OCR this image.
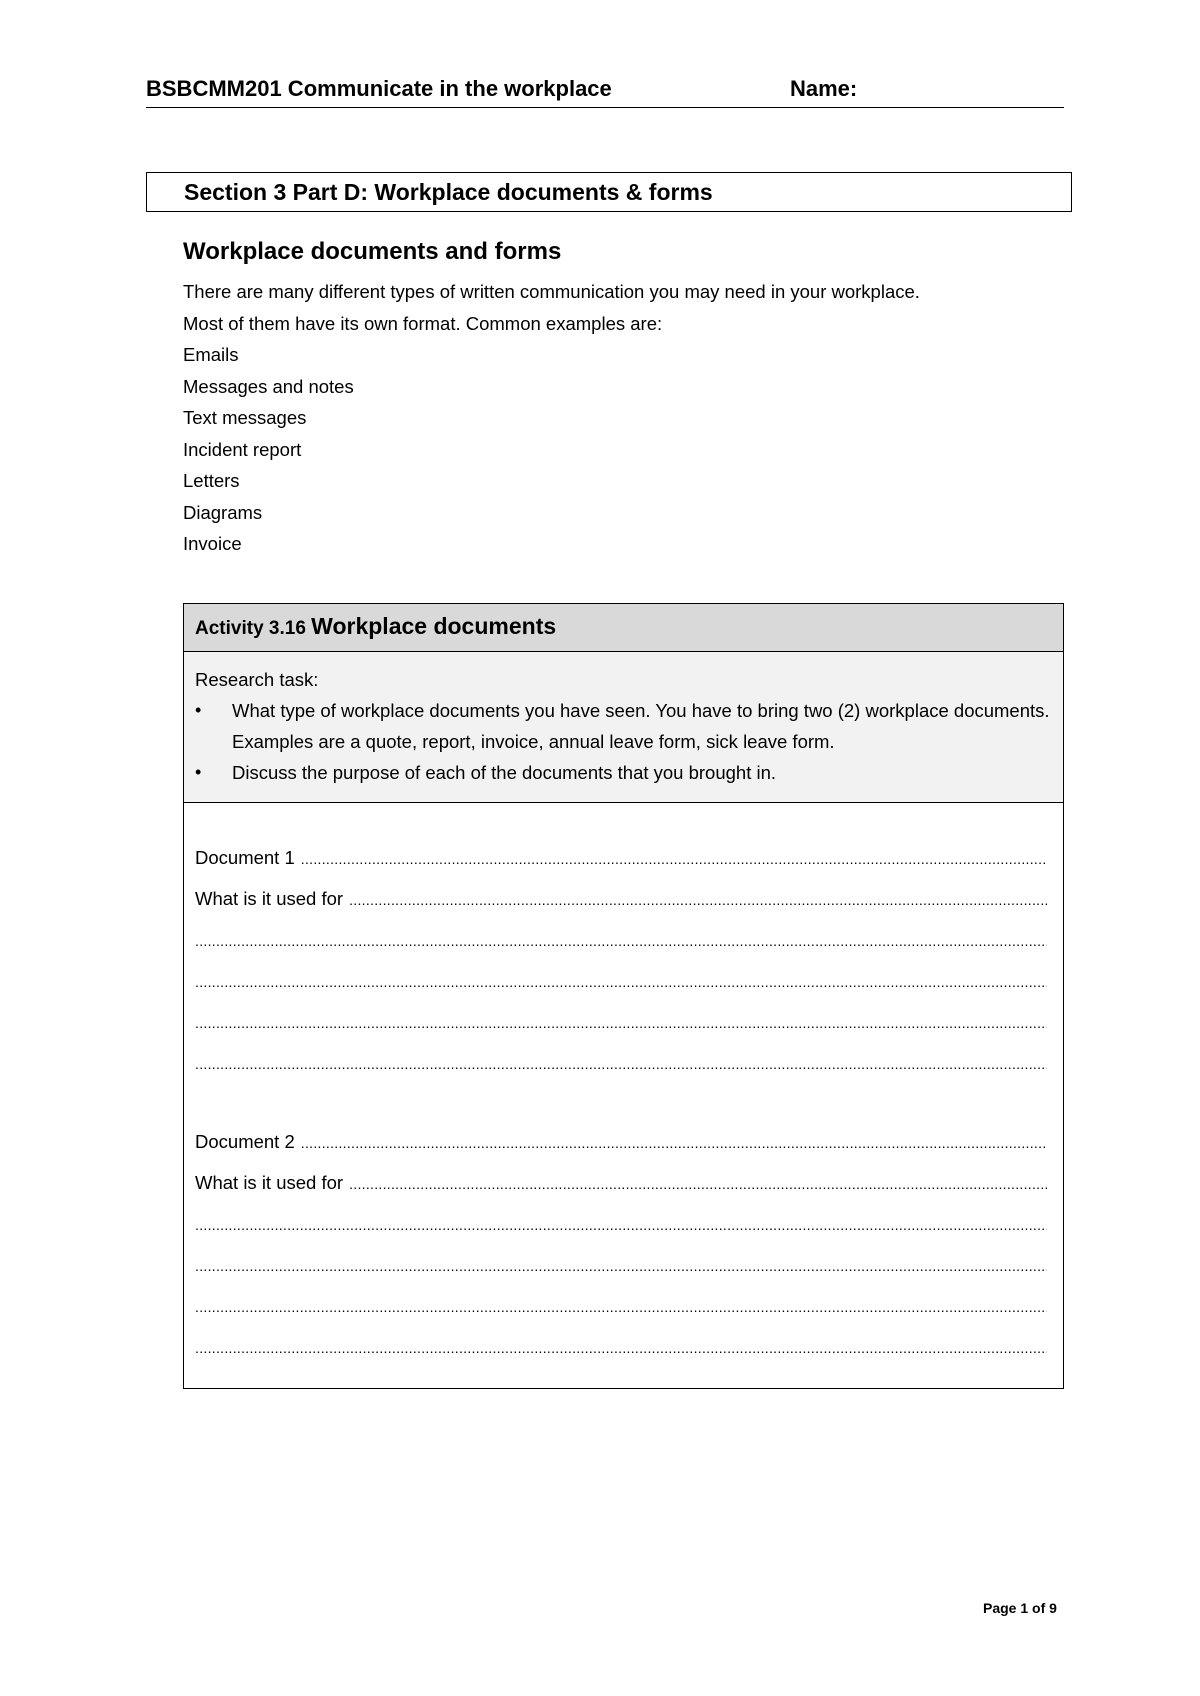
BSBCMM201 Communicate in the workplace	Name:
Section 3 Part D: Workplace documents & forms
Workplace documents and forms

There are many different types of written communication you may need in your workplace.

Most of them have its own format. Common examples are:

Emails
Messages and notes
Text messages
Incident report
Letters
Diagrams
Invoice
Activity 3.16 Workplace documents
Research task:
• What type of workplace documents you have seen. You have to bring two (2) workplace documents. Examples are a quote, report, invoice, annual leave form, sick leave form.
• Discuss the purpose of each of the documents that you brought in.
Document 1
.....
What is it used for
.....
.....
.....
.....
.....
Document 2
.....
What is it used for
.....
.....
.....
.....
.....
Page 1 of 9
